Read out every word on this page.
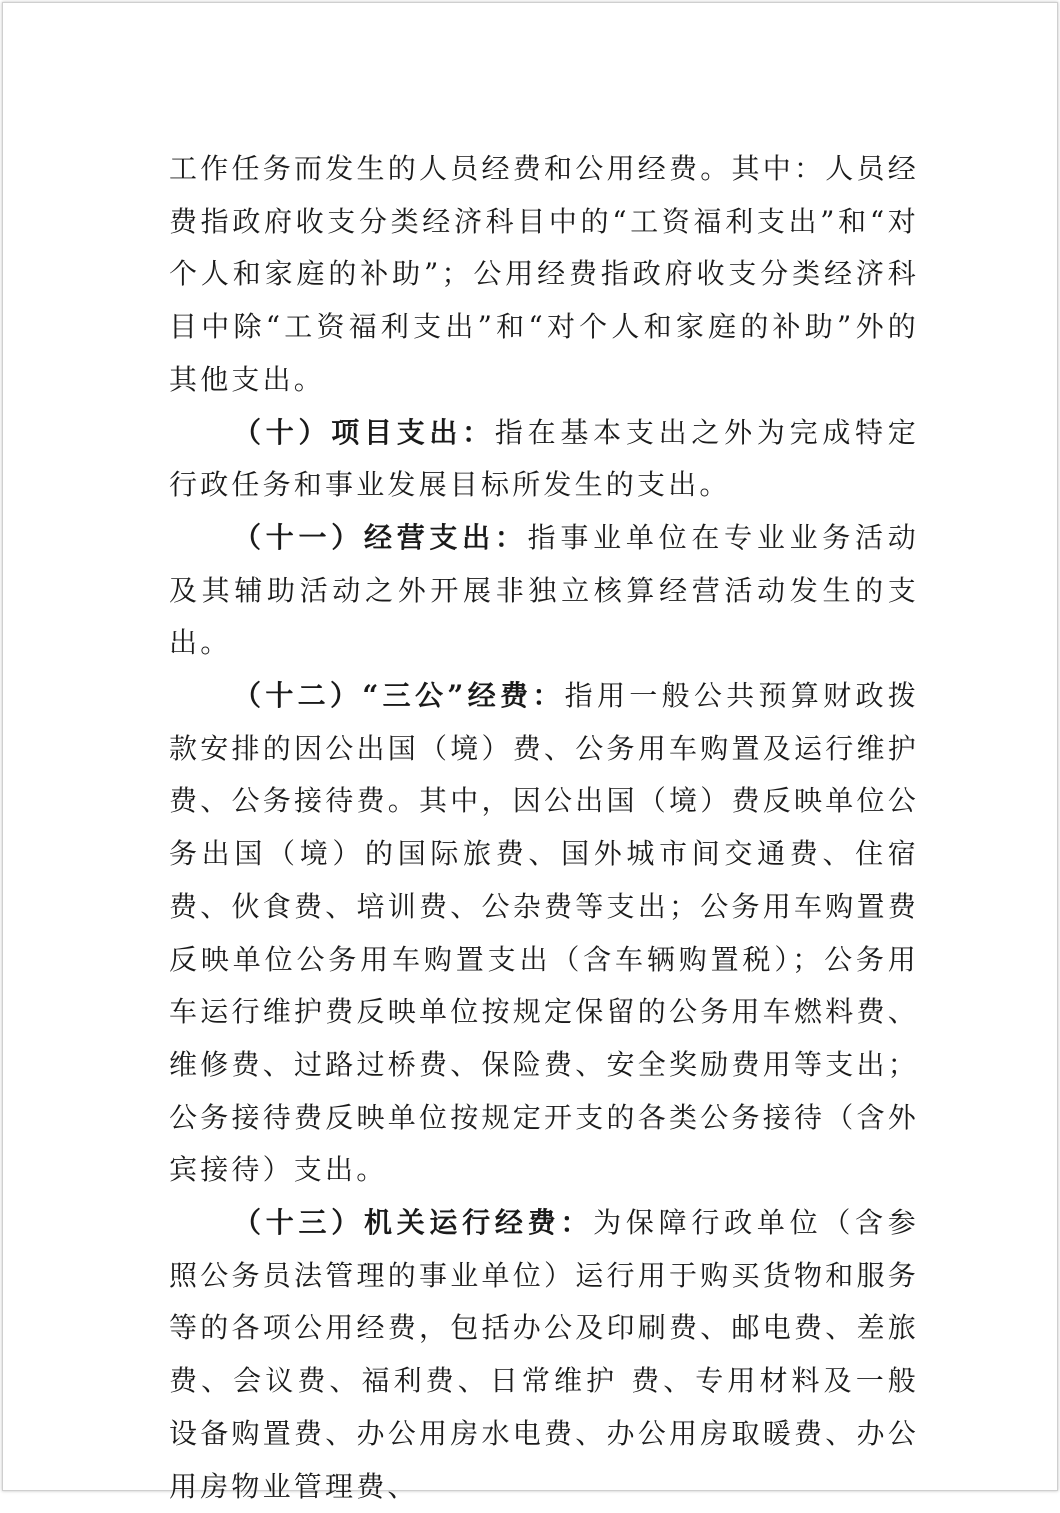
工作任务而发生的人员经费和公用经费。其中：人员经费指政府收支分类经济科目中的“工资福利支出”和“对个人和家庭的补助”；公用经费指政府收支分类经济科目中除“工资福利支出”和“对个人和家庭的补助”外的其他支出。

（十）项目支出：指在基本支出之外为完成特定行政任务和事业发展目标所发生的支出。

（十一）经营支出：指事业单位在专业业务活动及其辅助活动之外开展非独立核算经营活动发生的支出。

（十二）“三公”经费：指用一般公共预算财政拨款安排的因公出国（境）费、公务用车购置及运行维护费、公务接待费。其中，因公出国（境）费反映单位公务出国（境）的国际旅费、国外城市间交通费、住宿费、伙食费、培训费、公杂费等支出；公务用车购置费反映单位公务用车购置支出（含车辆购置税）；公务用车运行维护费反映单位按规定保留的公务用车燃料费、维修费、过路过桥费、保险费、安全奖励费用等支出；公务接待费反映单位按规定开支的各类公务接待（含外宾接待）支出。

（十三）机关运行经费：为保障行政单位（含参照公务员法管理的事业单位）运行用于购买货物和服务等的各项公用经费，包括办公及印刷费、邮电费、差旅费、会议费、福利费、日常维护 费、专用材料及一般设备购置费、办公用房水电费、办公用房取暖费、办公用房物业管理费、
